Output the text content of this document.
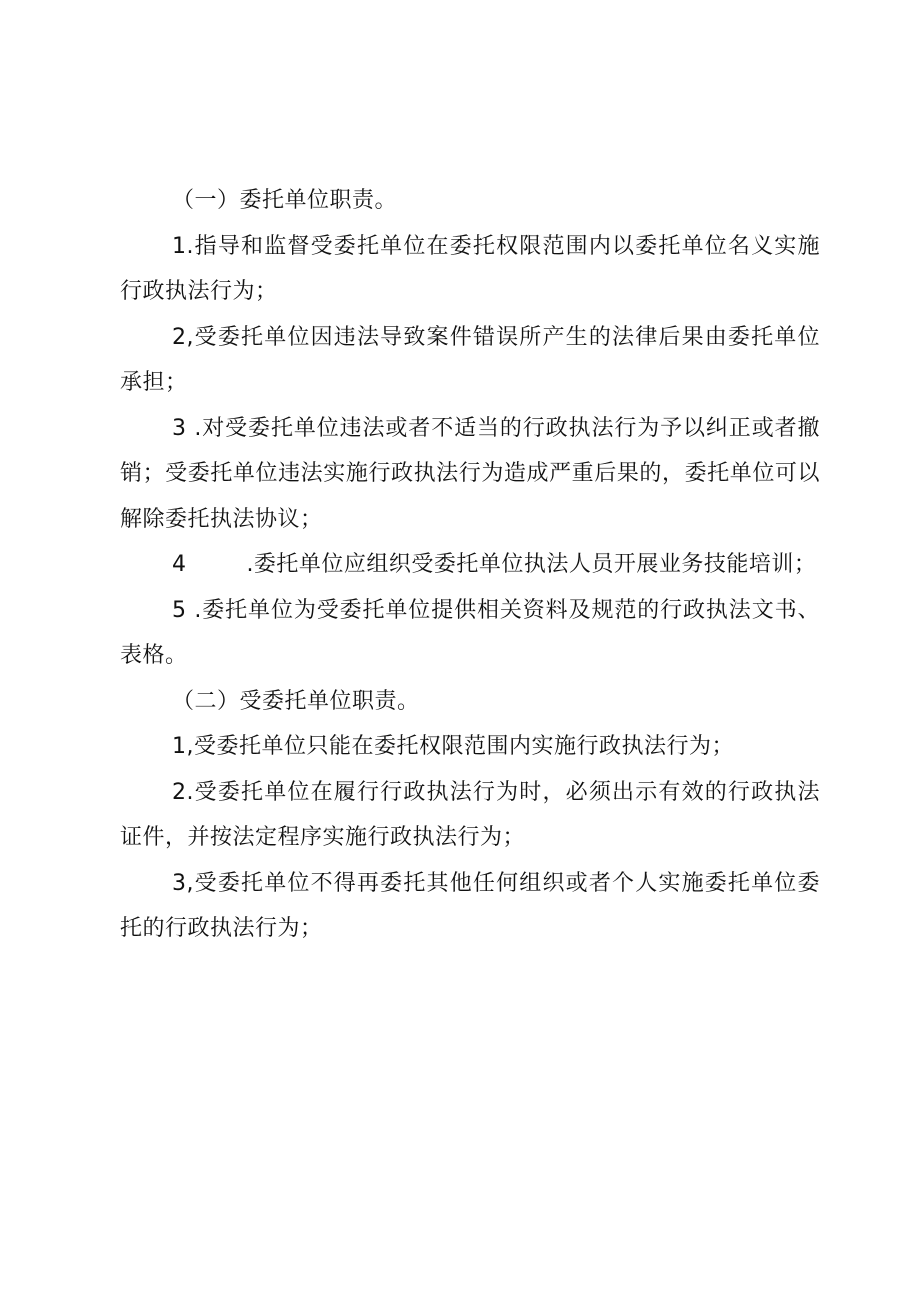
（一）委托单位职责。

1.指导和监督受委托单位在委托权限范围内以委托单位名义实施行政执法行为；

2,受委托单位因违法导致案件错误所产生的法律后果由委托单位承担；

3 .对受委托单位违法或者不适当的行政执法行为予以纠正或者撤销；受委托单位违法实施行政执法行为造成严重后果的，委托单位可以解除委托执法协议；

4        .委托单位应组织受委托单位执法人员开展业务技能培训；

5 .委托单位为受委托单位提供相关资料及规范的行政执法文书、表格。

（二）受委托单位职责。

1,受委托单位只能在委托权限范围内实施行政执法行为；

2.受委托单位在履行行政执法行为时，必须出示有效的行政执法证件，并按法定程序实施行政执法行为；

3,受委托单位不得再委托其他任何组织或者个人实施委托单位委托的行政执法行为；
